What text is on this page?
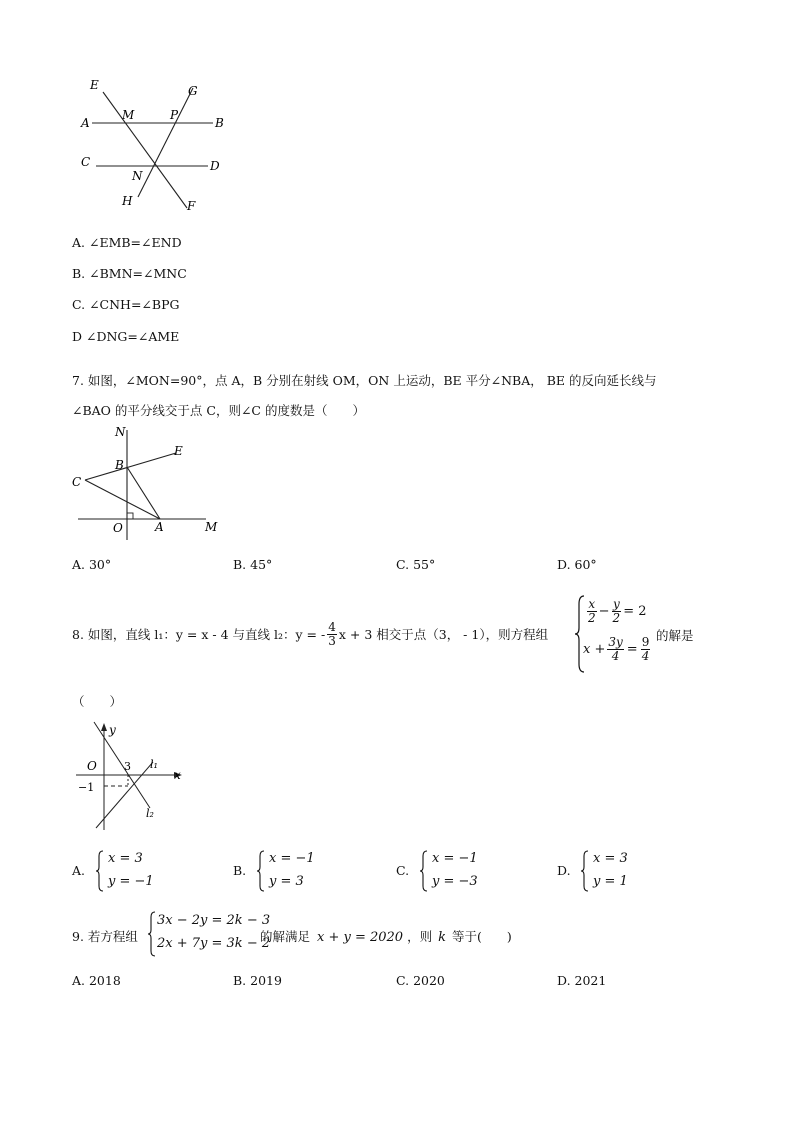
E	G
M	P
A	B
C	D
N
H	F
A. ∠EMB=∠END
B. ∠BMN=∠MNC
C. ∠CNH=∠BPG
D ∠DNG=∠AME
7. 如图，∠MON=90°，点 A，B 分别在射线 OM，ON 上运动，BE 平分∠NBA， BE 的反向延长线与
∠BAO 的平分线交于点 C，则∠C 的度数是（　　）
N
E
B
C
O	A	M
A. 30°	B. 45°	C. 55°	D. 60°
8. 如图，直线 l₁：y = x - 4 与直线 l₂：y = - $\frac{4}{3}$ x + 3 相交于点（3， - 1），则方程组
$\frac{x}{2} - \frac{y}{2} = 2$
$x + \frac{3y}{4} = \frac{9}{4}$
的解是
（　　）
y
O 3 l₁
x
−1
l₂
A.
x = 3
y = −1
B.
x = −1
y = 3
C.
x = −1
y = −3
D.
x = 3
y = 1
9. 若方程组
3x − 2y = 2k − 3
2x + 7y = 3k − 2
的解满足 x + y = 2020 ，则 k 等于(　　)
A. 2018	B. 2019	C. 2020	D. 2021
